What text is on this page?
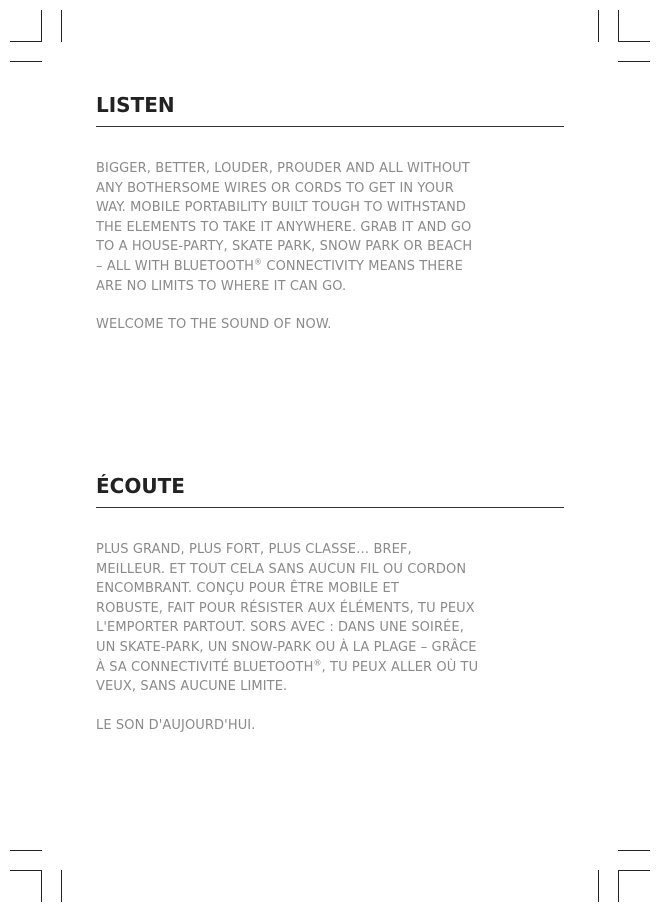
LISTEN

BIGGER, BETTER, LOUDER, PROUDER AND ALL WITHOUT
ANY BOTHERSOME WIRES OR CORDS TO GET IN YOUR
WAY. MOBILE PORTABILITY BUILT TOUGH TO WITHSTAND
THE ELEMENTS TO TAKE IT ANYWHERE. GRAB IT AND GO
TO A HOUSE-PARTY, SKATE PARK, SNOW PARK OR BEACH
– ALL WITH BLUETOOTH® CONNECTIVITY MEANS THERE
ARE NO LIMITS TO WHERE IT CAN GO.

WELCOME TO THE SOUND OF NOW.

ÉCOUTE

PLUS GRAND, PLUS FORT, PLUS CLASSE… BREF,
MEILLEUR. ET TOUT CELA SANS AUCUN FIL OU CORDON
ENCOMBRANT. CONÇU POUR ÊTRE MOBILE ET
ROBUSTE, FAIT POUR RÉSISTER AUX ÉLÉMENTS, TU PEUX
L'EMPORTER PARTOUT. SORS AVEC : DANS UNE SOIRÉE,
UN SKATE-PARK, UN SNOW-PARK OU À LA PLAGE – GRÂCE
À SA CONNECTIVITÉ BLUETOOTH®, TU PEUX ALLER OÙ TU
VEUX, SANS AUCUNE LIMITE.

LE SON D'AUJOURD'HUI.
